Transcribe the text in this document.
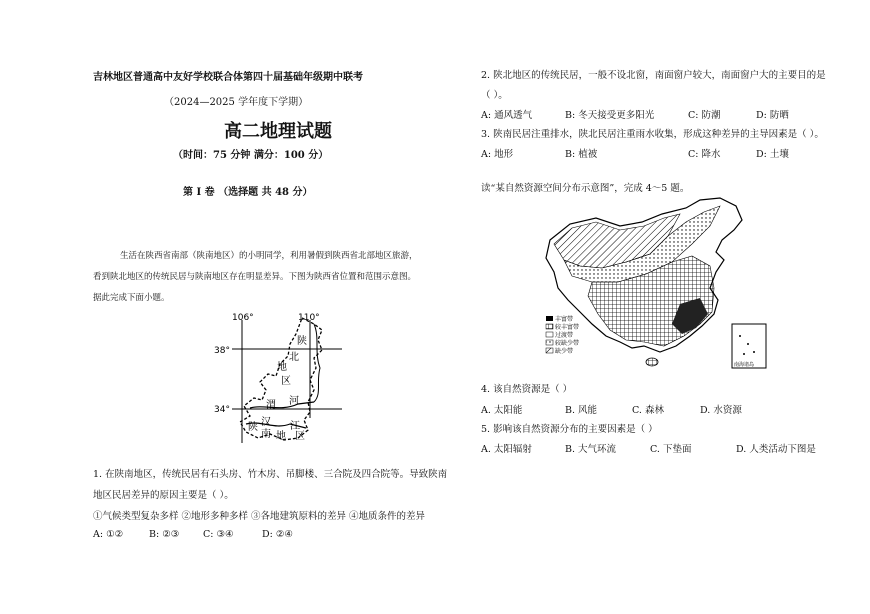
吉林地区普通高中友好学校联合体第四十届基础年级期中联考
（2024—2025 学年度下学期）
高二地理试题
（时间：75 分钟 满分：100 分）
第 I 卷 （选择题 共 48 分）
生活在陕西省南部（陕南地区）的小明同学，利用暑假到陕西省北部地区旅游，
看到陕北地区的传统民居与陕南地区存在明显差异。下图为陕西省位置和范围示意图。
据此完成下面小题。
106°	110°
38°
34°
陕
北
地
区
渭 河
陕 汉
南
江
地 区
1. 在陕南地区，传统民居有石头房、竹木房、吊脚楼、三合院及四合院等。导致陕南
地区民居差异的原因主要是（ ）。
①气候类型复杂多样 ②地形多种多样 ③各地建筑原料的差异 ④地质条件的差异
A: ①②	B: ②③	C: ③④	D: ②④
2. 陕北地区的传统民居，一般不设北窗，南面窗户较大，南面窗户大的主要目的是
（ ）。
A: 通风透气	B: 冬天接受更多阳光	C: 防潮	D: 防晒
3. 陕南民居注重排水，陕北民居注重雨水收集，形成这种差异的主导因素是（ ）。
A: 地形	B: 植被	C: 降水	D: 土壤
读“某自然资源空间分布示意图”，完成 4～5 题。
丰富带
较丰富带
过渡带
较缺少带
缺少带
南海诸岛
4. 该自然资源是（ ）
A. 太阳能	B. 风能	C. 森林	D. 水资源
5. 影响该自然资源分布的主要因素是（ ）
A. 太阳辐射	B. 大气环流	C. 下垫面	D. 人类活动下图是
